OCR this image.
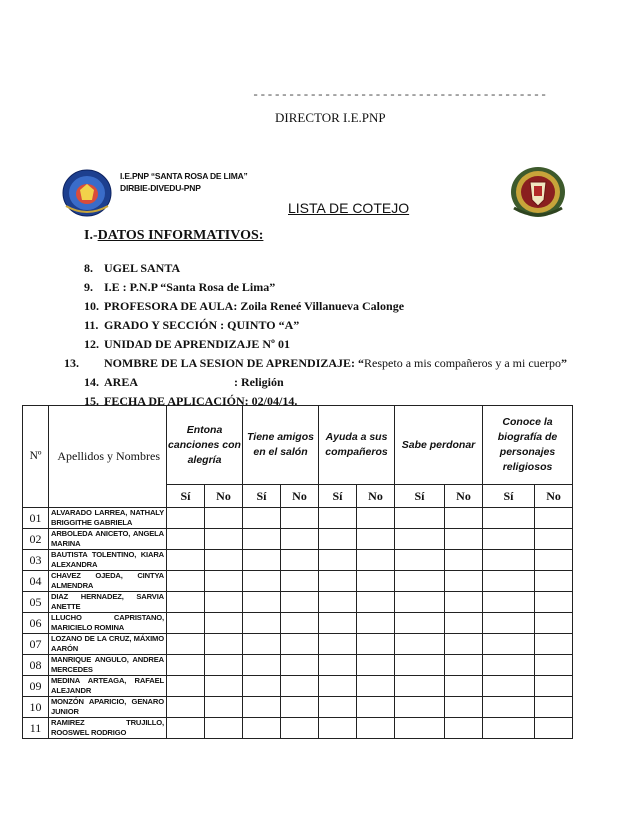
-----------------------------------------
DIRECTOR I.E.PNP
I.E.PNP “SANTA ROSA DE LIMA”
DIRBIE-DIVEDU-PNP
LISTA DE COTEJO
I.-DATOS INFORMATIVOS:
8. UGEL SANTA
9. I.E : P.N.P “Santa Rosa de Lima”
10. PROFESORA DE AULA: Zoila Reneé Villanueva Calonge
11. GRADO Y SECCIÓN : QUINTO “A”
12. UNIDAD DE APRENDIZAJE Nº 01
13. NOMBRE DE LA SESION DE APRENDIZAJE: “Respeto a mis compañeros y a mi cuerpo”
14. AREA	: Religión
15. FECHA DE APLICACIÓN: 02/04/14.
Nº	Apellidos y Nombres	Entona canciones con alegría		Tiene amigos en el salón		Ayuda a sus compañeros		Sabe perdonar		Conoce la biografía de personajes religiosos	
		Sí	No	Sí	No	Sí	No	Sí	No	Sí	No
01	ALVARADO LARREA, NATHALY BRIGGITHE GABRIELA										
02	ARBOLEDA ANICETO, ANGELA MARINA										
03	BAUTISTA TOLENTINO, KIARA ALEXANDRA										
04	CHAVEZ OJEDA, CINTYA ALMENDRA										
05	DIAZ HERNADEZ, SARVIA ANETTE										
06	LLUCHO CAPRISTANO, MARICIELO ROMINA										
07	LOZANO DE LA CRUZ, MÁXIMO AARÓN										
08	MANRIQUE ANGULO, ANDREA MERCEDES										
09	MEDINA ARTEAGA, RAFAEL ALEJANDR										
10	MONZÓN APARICIO, GENARO JUNIOR										
11	RAMIREZ TRUJILLO, ROOSWEL RODRIGO										
